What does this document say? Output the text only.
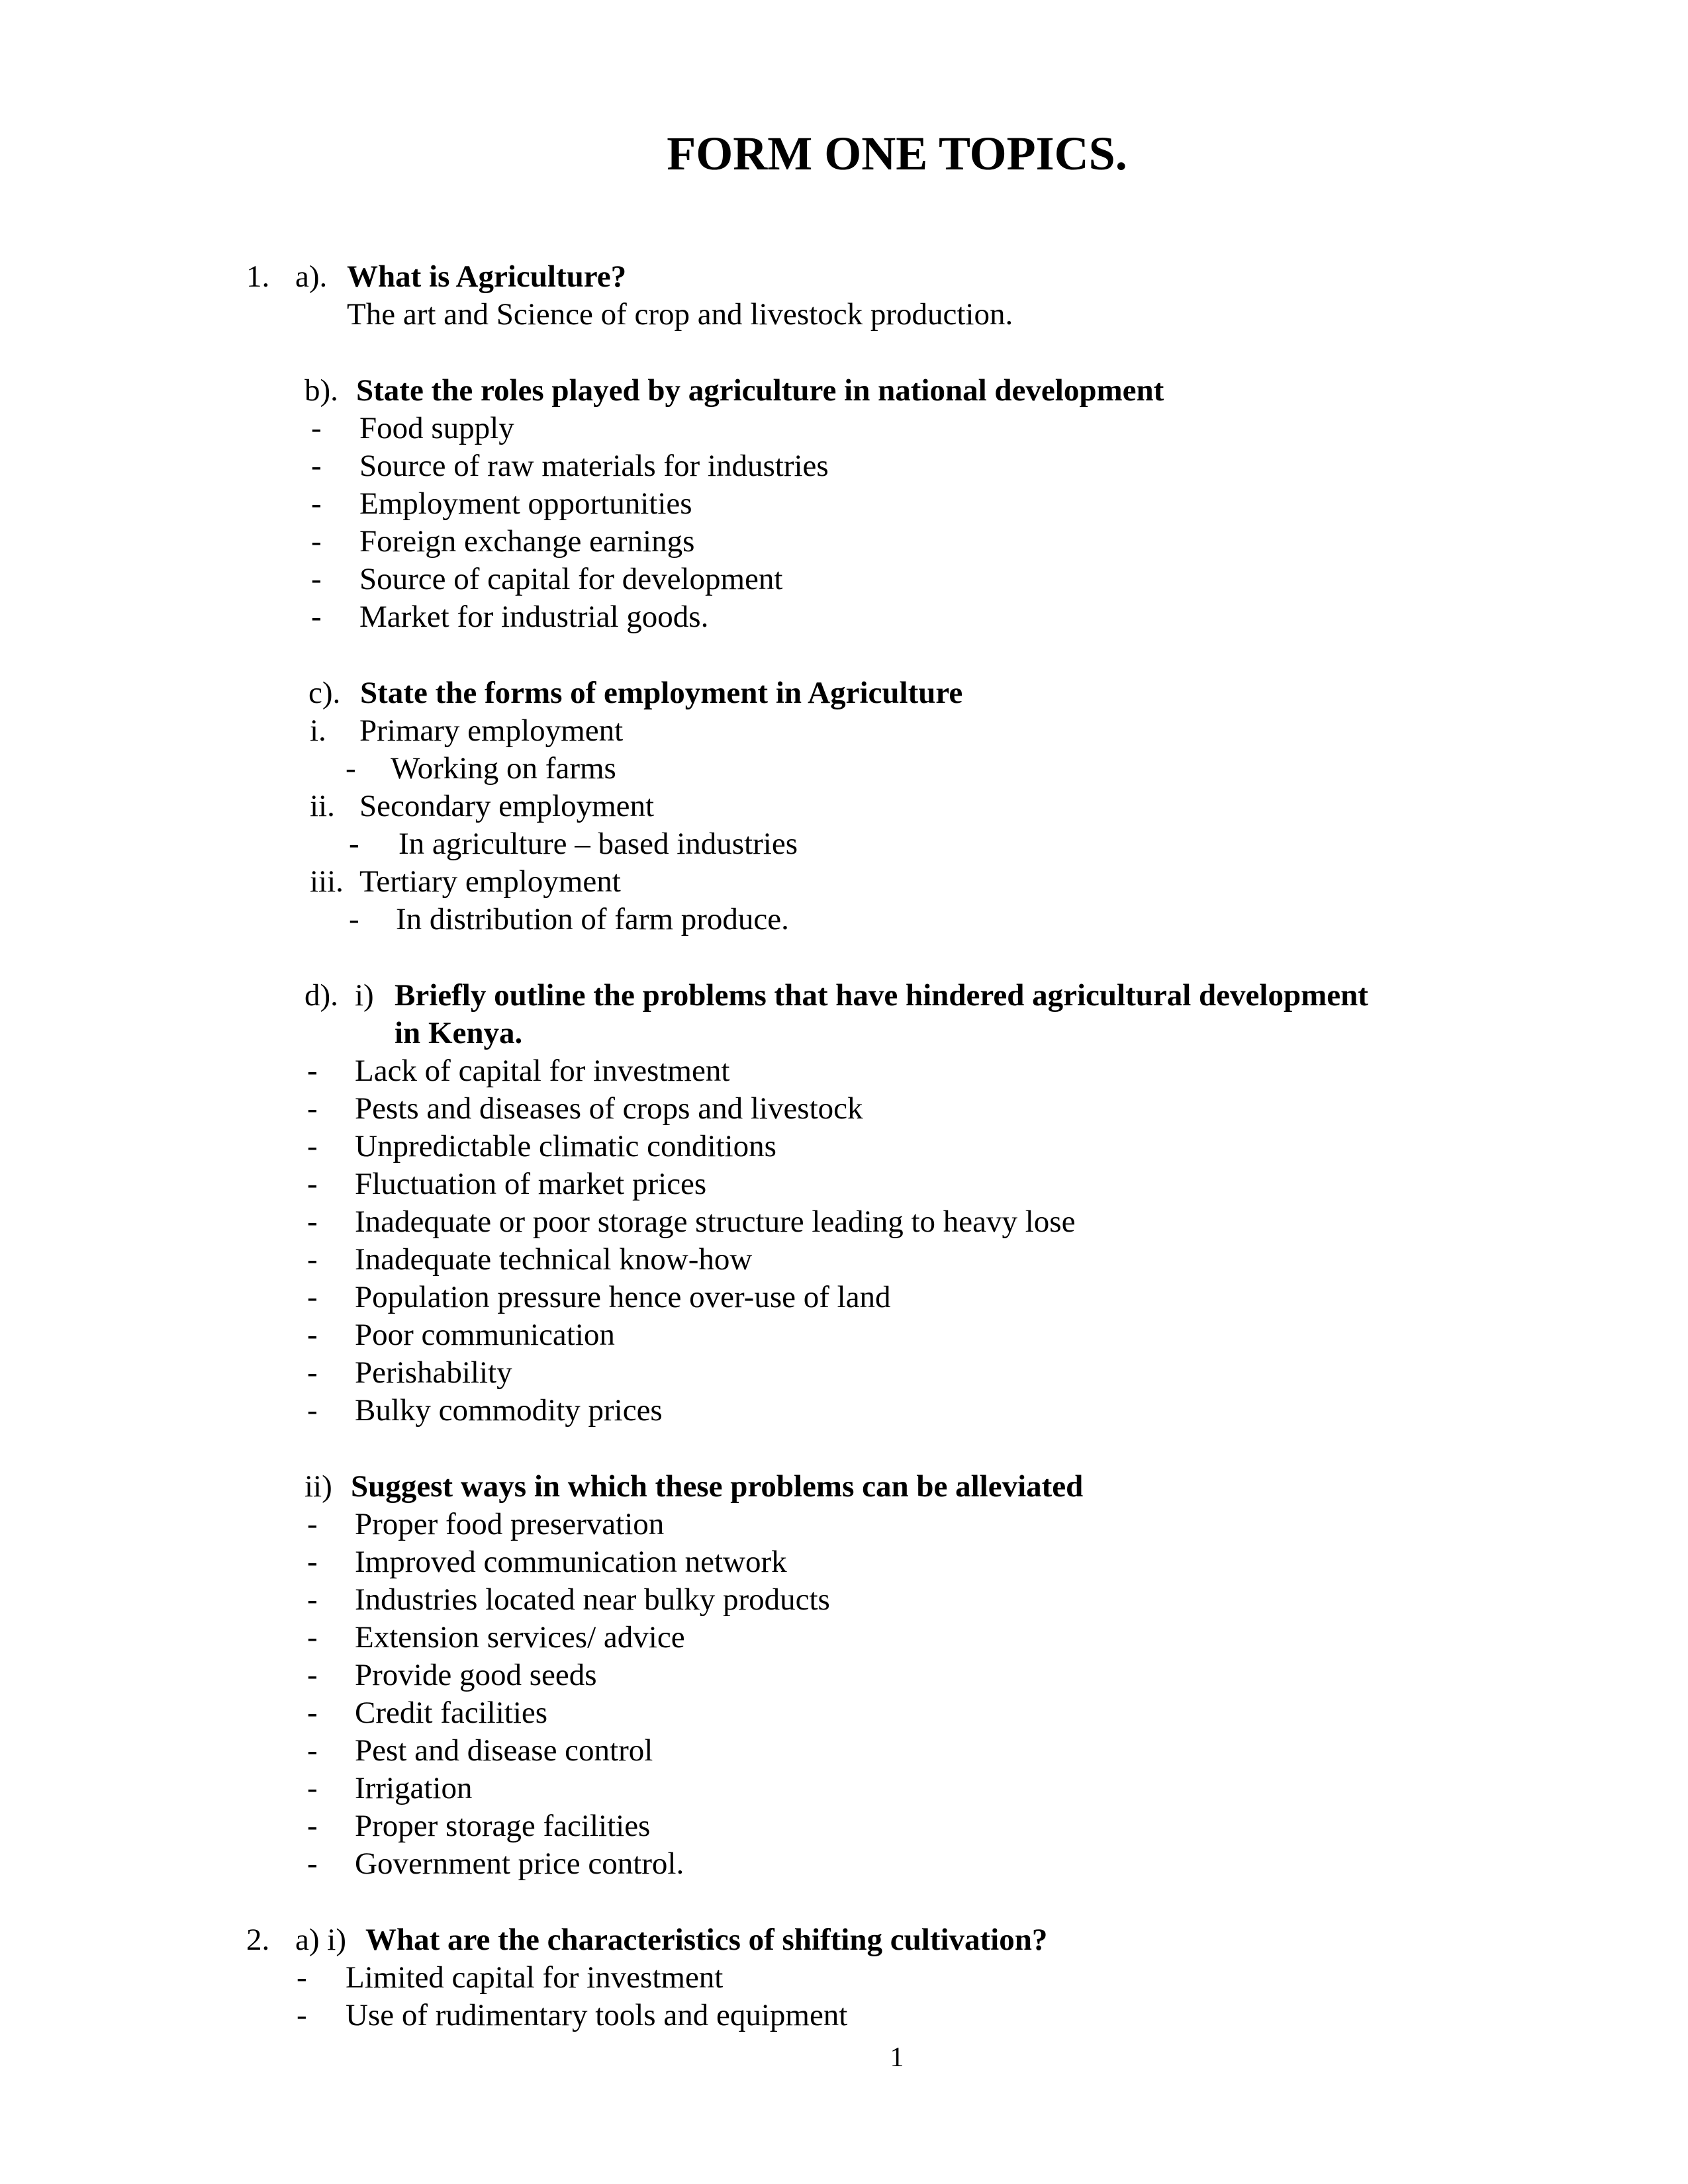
FORM ONE TOPICS.
1. a). What is Agriculture?
The art and Science of crop and livestock production.
b). State the roles played by agriculture in national development
- Food supply
- Source of raw materials for industries
- Employment opportunities
- Foreign exchange earnings
- Source of capital for development
- Market for industrial goods.
c). State the forms of employment in Agriculture
i. Primary employment
- Working on farms
ii. Secondary employment
- In agriculture – based industries
iii. Tertiary employment
- In distribution of farm produce.
d). i) Briefly outline the problems that have hindered agricultural development
in Kenya.
- Lack of capital for investment
- Pests and diseases of crops and livestock
- Unpredictable climatic conditions
- Fluctuation of market prices
- Inadequate or poor storage structure leading to heavy lose
- Inadequate technical know-how
- Population pressure hence over-use of land
- Poor communication
- Perishability
- Bulky commodity prices
ii) Suggest ways in which these problems can be alleviated
- Proper food preservation
- Improved communication network
- Industries located near bulky products
- Extension services/ advice
- Provide good seeds
- Credit facilities
- Pest and disease control
- Irrigation
- Proper storage facilities
- Government price control.
2. a) i) What are the characteristics of shifting cultivation?
- Limited capital for investment
- Use of rudimentary tools and equipment
1
